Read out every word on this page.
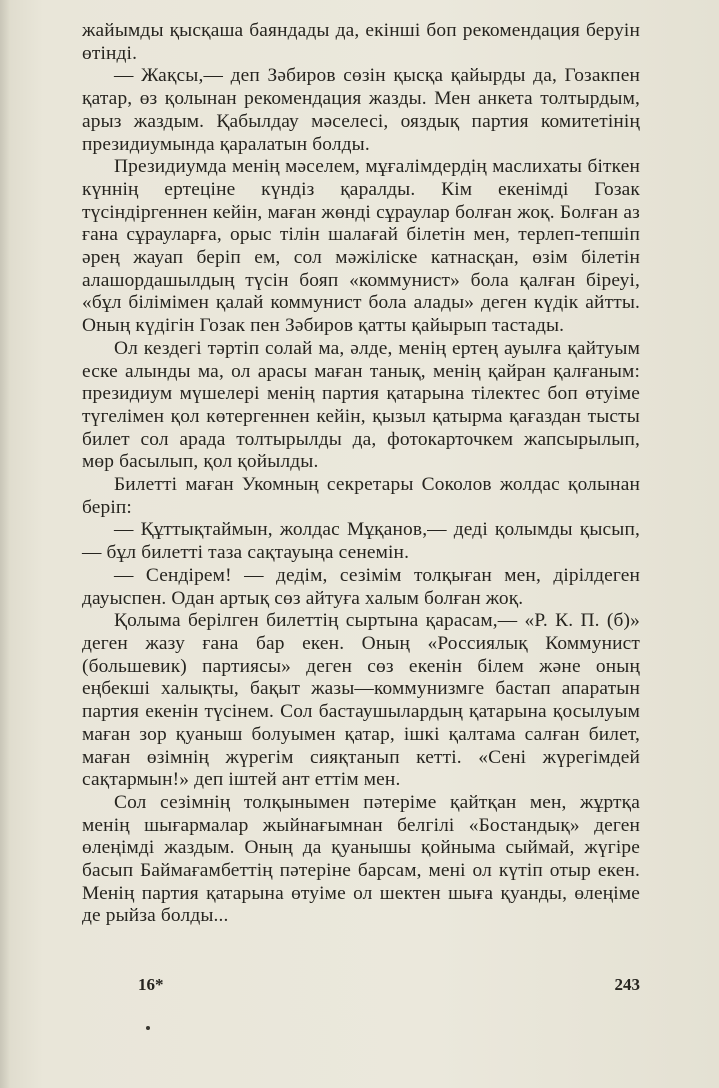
жайымды қысқаша баяндады да, екінші боп рекомендация беруін өтінді.

— Жақсы,— деп Зәбиров сөзін қысқа қайырды да, Гозакпен қатар, өз қолынан рекомендация жазды. Мен анкета толтырдым, арыз жаздым. Қабылдау мәселесі, ояздық партия комитетінің президиумында қаралатын болды.

Президиумда менің мәселем, мұғалімдердің маслихаты біткен күннің ертеціне күндіз қаралды. Кім екенімді Гозак түсіндіргеннен кейін, маған жөнді сұраулар болған жоқ. Болған аз ғана сұрауларға, орыс тілін шалағай білетін мен, терлеп-тепшіп әрең жауап беріп ем, сол мәжіліске катнасқан, өзім білетін алашордашылдың түсін бояп «коммунист» бола қалған біреуі, «бұл білімімен қалай коммунист бола алады» деген күдік айтты. Оның күдігін Гозак пен Зәбиров қатты қайырып тастады.

Ол кездегі тәртіп солай ма, әлде, менің ертең ауылға қайтуым еске алынды ма, ол арасы маған танық, менің қайран қалғаным: президиум мүшелері менің партия қатарына тілектес боп өтуімe түгелімен қол көтергеннен кейін, қызыл қатырма қағаздан тысты билет сол арада толтырылды да, фотокарточкем жапсырылып, мөр басылып, қол қойылды.

Билетті маған Укомның секретары Соколов жолдас қолынан беріп:

— Құттықтаймын, жолдас Мұқанов,— деді қолымды қысып,— бұл билетті таза сақтауыңа сенемін.

— Сендірем! — дедім, сезімім толқыған мен, дірілдеген дауыспен. Одан артық сөз айтуға халым болған жоқ.

Қолыма берілген билеттің сыртына қарасам,— «Р. К. П. (б)» деген жазу ғана бар екен. Оның «Россиялық Коммунист (большевик) партиясы» деген сөз екенін білем және оның еңбекші халықты, бақыт жазы—коммунизмге бастап апаратын партия екенін түсінем. Сол бастаушылардың қатарына қосылуым маған зор қуаныш болуымен қатар, ішкі қалтама салған билет, маған өзімнің жүрегім сияқтанып кетті. «Сені жүрегімдей сақтармын!» деп іштей ант еттім мен.

Сол сезімнің толқынымен пәтеріме қайтқан мен, жұртқа менің шығармалар жыйнағымнан белгілі «Бостандық» деген өлеңімді жаздым. Оның да қуанышы қойныма сыймай, жүгіре басып Баймағамбеттің пәтеріне барсам, мені ол күтіп отыр екен. Менің партия қатарына өтуіме ол шектен шыға қуанды, өлеңіме де рыйза болды...

16*	243
